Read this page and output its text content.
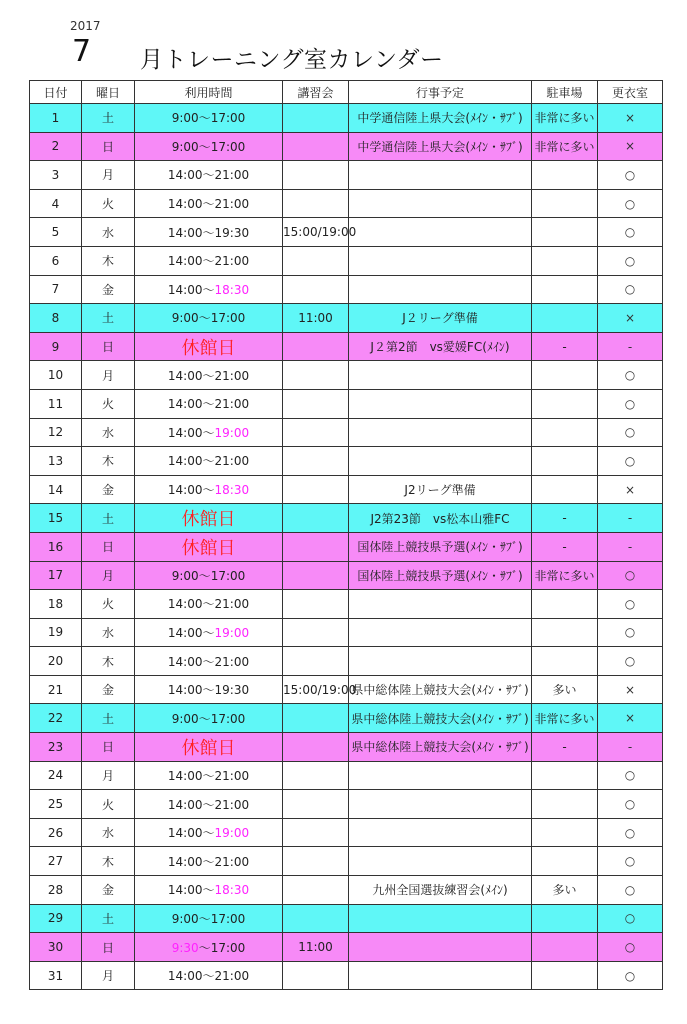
2017
7 月トレーニング室カレンダー
日付	曜日	利用時間	講習会	行事予定	駐車場	更衣室
1	土	9:00～17:00		中学通信陸上県大会(ﾒｲﾝ・ｻﾌﾞ)	非常に多い	×
2	日	9:00～17:00		中学通信陸上県大会(ﾒｲﾝ・ｻﾌﾞ)	非常に多い	×
3	月	14:00～21:00				○
4	火	14:00～21:00				○
5	水	14:00～19:30	15:00/19:00			○
6	木	14:00～21:00				○
7	金	14:00～18:30				○
8	土	9:00～17:00	11:00	J２リーグ準備		×
9	日	休館日		J２第2節　vs愛媛FC(ﾒｲﾝ)	-	-
10	月	14:00～21:00				○
11	火	14:00～21:00				○
12	水	14:00～19:00				○
13	木	14:00～21:00				○
14	金	14:00～18:30		J2リーグ準備		×
15	土	休館日		J2第23節　vs松本山雅FC	-	-
16	日	休館日		国体陸上競技県予選(ﾒｲﾝ・ｻﾌﾞ)	-	-
17	月	9:00～17:00		国体陸上競技県予選(ﾒｲﾝ・ｻﾌﾞ)	非常に多い	○
18	火	14:00～21:00				○
19	水	14:00～19:00				○
20	木	14:00～21:00				○
21	金	14:00～19:30	15:00/19:00	県中総体陸上競技大会(ﾒｲﾝ・ｻﾌﾞ)	多い	×
22	土	9:00～17:00		県中総体陸上競技大会(ﾒｲﾝ・ｻﾌﾞ)	非常に多い	×
23	日	休館日		県中総体陸上競技大会(ﾒｲﾝ・ｻﾌﾞ)	-	-
24	月	14:00～21:00				○
25	火	14:00～21:00				○
26	水	14:00～19:00				○
27	木	14:00～21:00				○
28	金	14:00～18:30		九州全国選抜練習会(ﾒｲﾝ)	多い	○
29	土	9:00～17:00				○
30	日	9:30～17:00	11:00			○
31	月	14:00～21:00				○
